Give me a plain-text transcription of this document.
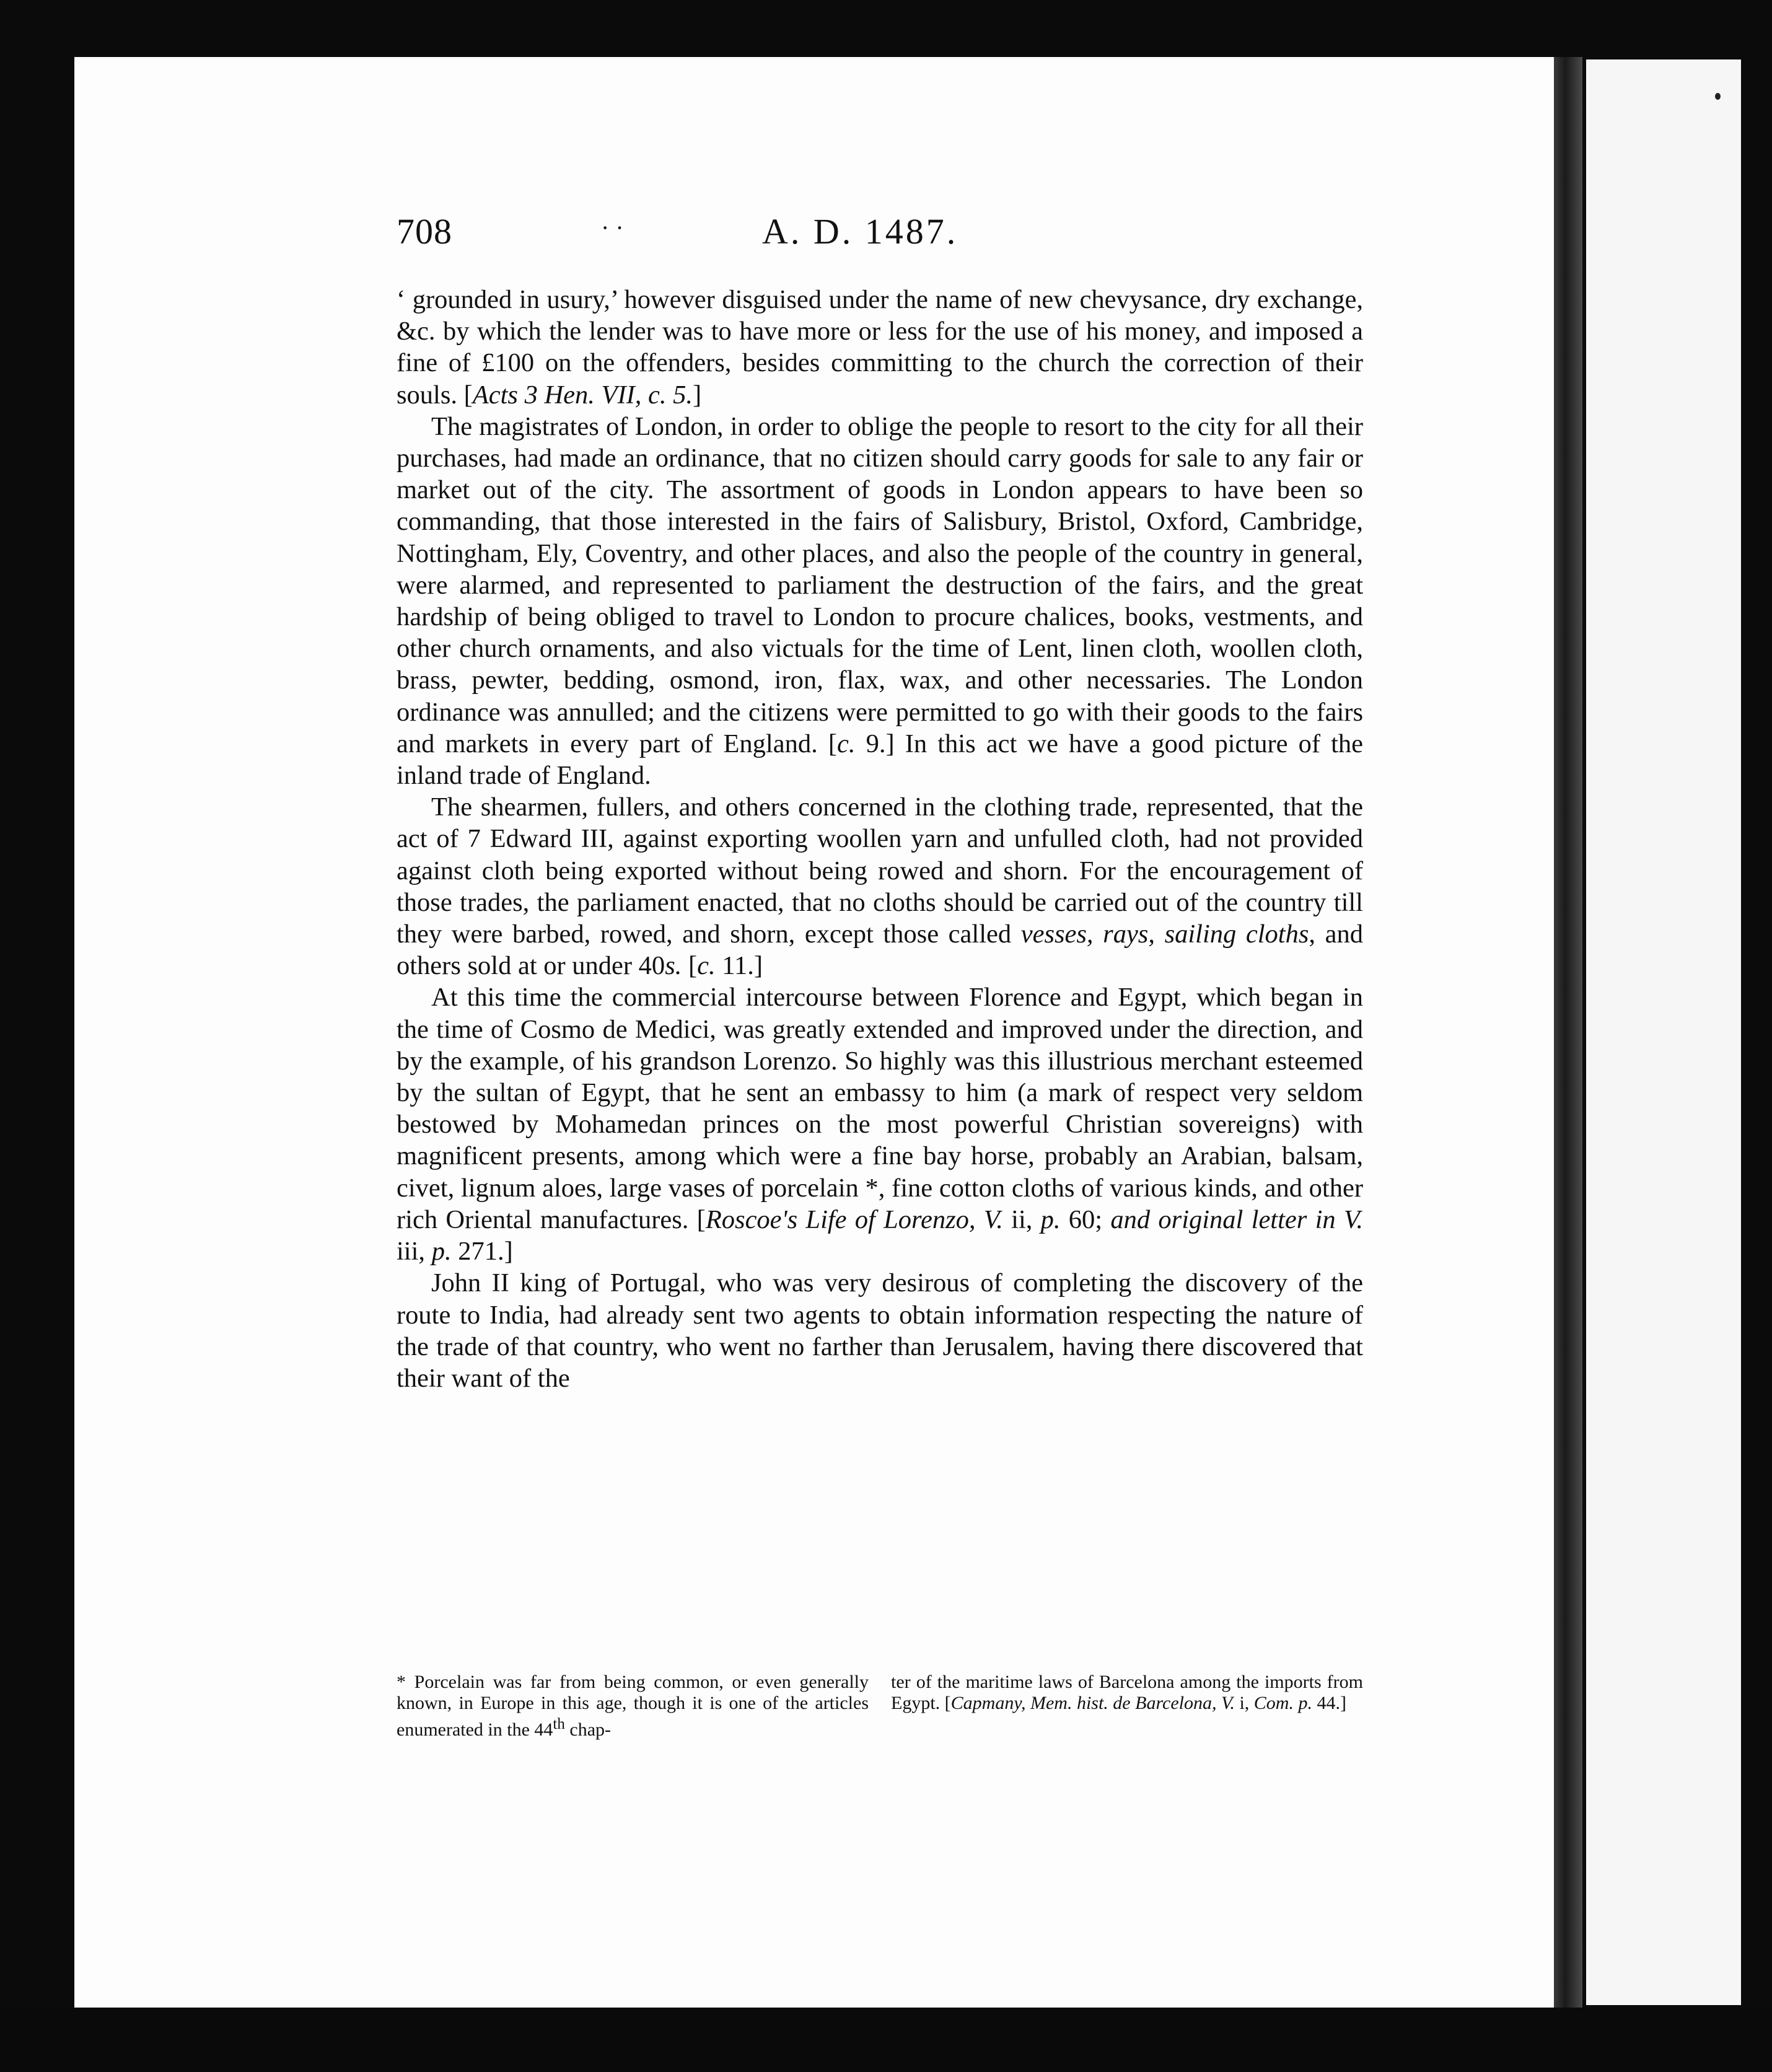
708	· ·	A. D. 1487.

‘ grounded in usury,’ however disguised under the name of new chevysance, dry exchange, &c. by which the lender was to have more or less for the use of his money, and imposed a fine of £100 on the offenders, besides committing to the church the correction of their souls. [Acts 3 Hen. VII, c. 5.]

The magistrates of London, in order to oblige the people to resort to the city for all their purchases, had made an ordinance, that no citizen should carry goods for sale to any fair or market out of the city. The assortment of goods in London appears to have been so commanding, that those interested in the fairs of Salisbury, Bristol, Oxford, Cambridge, Nottingham, Ely, Coventry, and other places, and also the people of the country in general, were alarmed, and represented to parliament the destruction of the fairs, and the great hardship of being obliged to travel to London to procure chalices, books, vestments, and other church ornaments, and also victuals for the time of Lent, linen cloth, woollen cloth, brass, pewter, bedding, osmond, iron, flax, wax, and other necessaries. The London ordinance was annulled; and the citizens were permitted to go with their goods to the fairs and markets in every part of England. [c. 9.] In this act we have a good picture of the inland trade of England.

The shearmen, fullers, and others concerned in the clothing trade, represented, that the act of 7 Edward III, against exporting woollen yarn and unfulled cloth, had not provided against cloth being exported without being rowed and shorn. For the encouragement of those trades, the parliament enacted, that no cloths should be carried out of the country till they were barbed, rowed, and shorn, except those called vesses, rays, sailing cloths, and others sold at or under 40s. [c. 11.]

At this time the commercial intercourse between Florence and Egypt, which began in the time of Cosmo de Medici, was greatly extended and improved under the direction, and by the example, of his grandson Lorenzo. So highly was this illustrious merchant esteemed by the sultan of Egypt, that he sent an embassy to him (a mark of respect very seldom bestowed by Mohamedan princes on the most powerful Christian sovereigns) with magnificent presents, among which were a fine bay horse, probably an Arabian, balsam, civet, lignum aloes, large vases of porcelain *, fine cotton cloths of various kinds, and other rich Oriental manufactures. [Roscoe's Life of Lorenzo, V. ii, p. 60; and original letter in V. iii, p. 271.]

John II king of Portugal, who was very desirous of completing the discovery of the route to India, had already sent two agents to obtain information respecting the nature of the trade of that country, who went no farther than Jerusalem, having there discovered that their want of the

* Porcelain was far from being common, or even generally known, in Europe in this age, though it is one of the articles enumerated in the 44th chap-

ter of the maritime laws of Barcelona among the imports from Egypt. [Capmany, Mem. hist. de Barcelona, V. i, Com. p. 44.]
